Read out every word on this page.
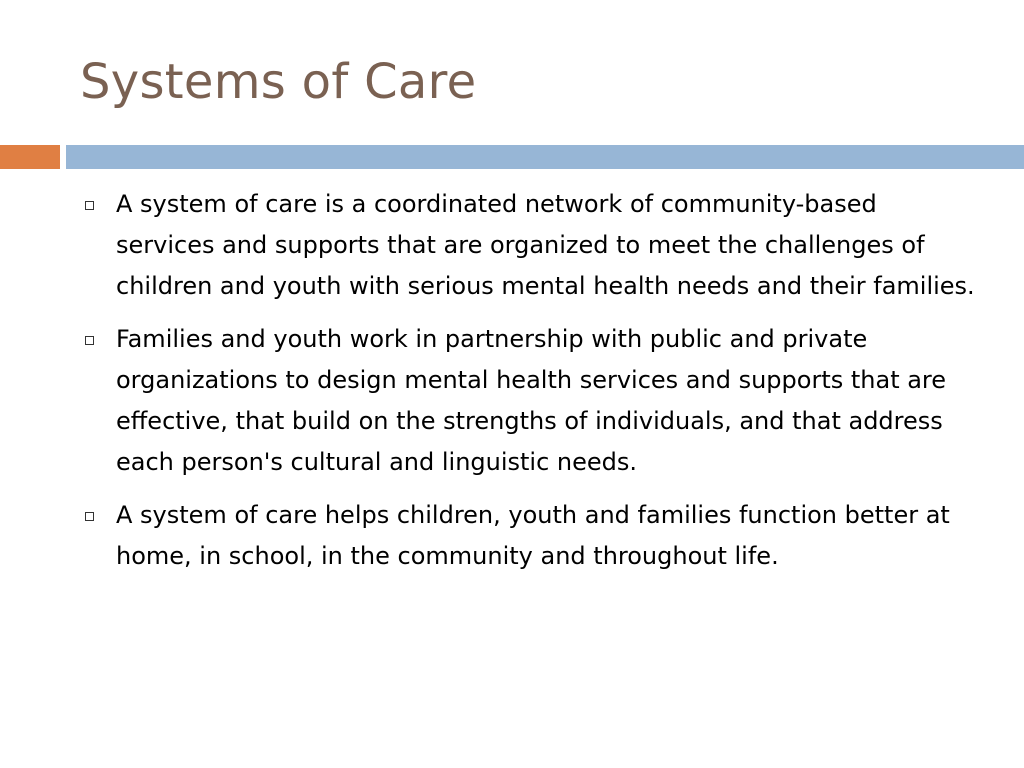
Systems of Care
A system of care is a coordinated network of community-based services and supports that are organized to meet the challenges of children and youth with serious mental health needs and their families.
Families and youth work in partnership with public and private organizations to design mental health services and supports that are effective, that build on the strengths of individuals, and that address each person's cultural and linguistic needs.
A system of care helps children, youth and families function better at home, in school, in the community and throughout life.
